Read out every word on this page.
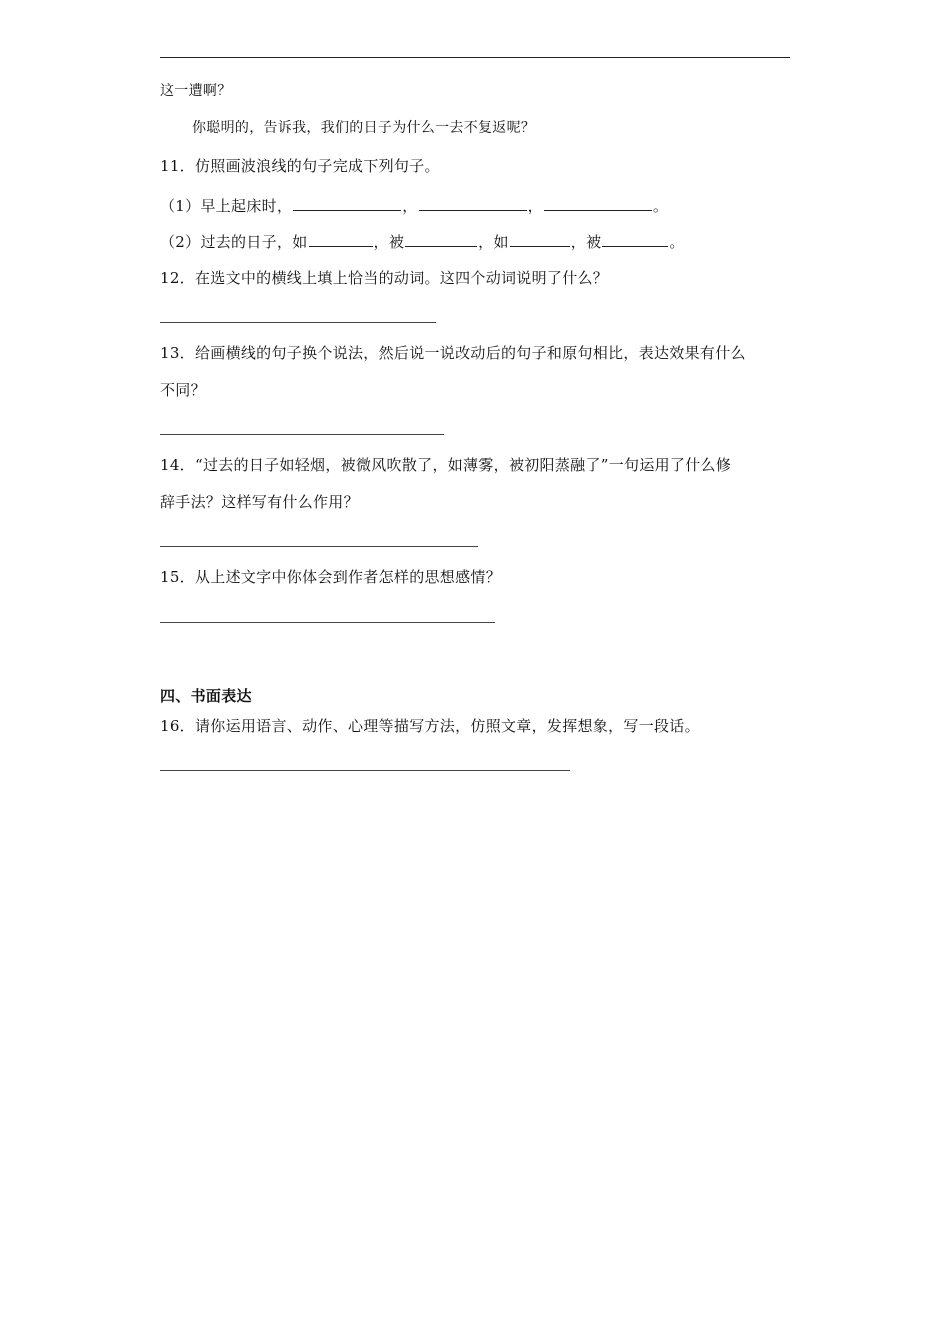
这一遭啊？
你聪明的，告诉我，我们的日子为什么一去不复返呢？
11．仿照画波浪线的句子完成下列句子。
（1）早上起床时，	，	，	。
（2）过去的日子，如	，被	，如	，被	。
12．在选文中的横线上填上恰当的动词。这四个动词说明了什么？
13．给画横线的句子换个说法，然后说一说改动后的句子和原句相比，表达效果有什么
不同？
14．“过去的日子如轻烟，被微风吹散了，如薄雾，被初阳蒸融了”一句运用了什么修
辞手法？这样写有什么作用？
15．从上述文字中你体会到作者怎样的思想感情？
四、书面表达
16．请你运用语言、动作、心理等描写方法，仿照文章，发挥想象，写一段话。
